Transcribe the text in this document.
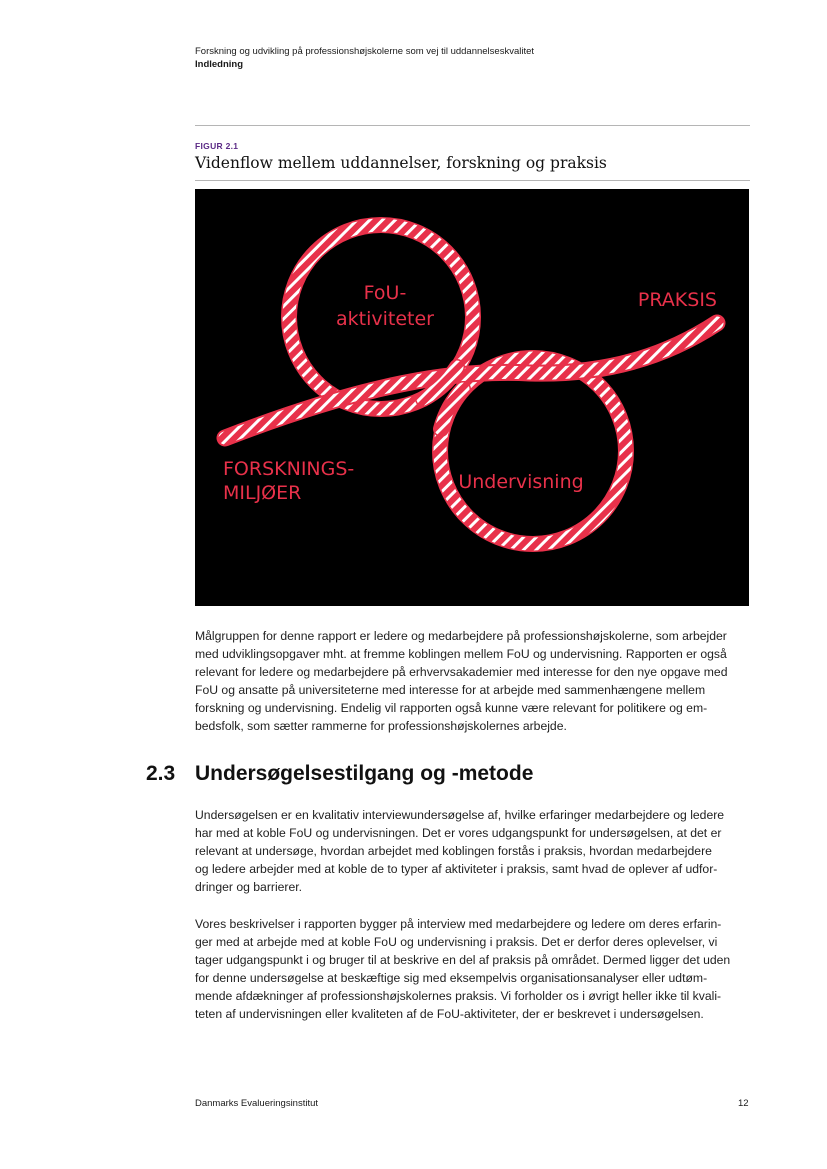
Forskning og udvikling på professionshøjskolerne som vej til uddannelseskvalitet
Indledning
FIGUR 2.1
Videnflow mellem uddannelser, forskning og praksis
FoU-
aktiviteter
PRAKSIS
FORSKNINGS-
MILJØER	Undervisning

Målgruppen for denne rapport er ledere og medarbejdere på professionshøjskolerne, som arbejder
med udviklingsopgaver mht. at fremme koblingen mellem FoU og undervisning. Rapporten er også
relevant for ledere og medarbejdere på erhvervsakademier med interesse for den nye opgave med
FoU og ansatte på universiteterne med interesse for at arbejde med sammenhængene mellem
forskning og undervisning. Endelig vil rapporten også kunne være relevant for politikere og em-
bedsfolk, som sætter rammerne for professionshøjskolernes arbejde.

2.3 Undersøgelsestilgang og -metode

Undersøgelsen er en kvalitativ interviewundersøgelse af, hvilke erfaringer medarbejdere og ledere
har med at koble FoU og undervisningen. Det er vores udgangspunkt for undersøgelsen, at det er
relevant at undersøge, hvordan arbejdet med koblingen forstås i praksis, hvordan medarbejdere
og ledere arbejder med at koble de to typer af aktiviteter i praksis, samt hvad de oplever af udfor-
dringer og barrierer.

Vores beskrivelser i rapporten bygger på interview med medarbejdere og ledere om deres erfarin-
ger med at arbejde med at koble FoU og undervisning i praksis. Det er derfor deres oplevelser, vi
tager udgangspunkt i og bruger til at beskrive en del af praksis på området. Dermed ligger det uden
for denne undersøgelse at beskæftige sig med eksempelvis organisationsanalyser eller udtøm-
mende afdækninger af professionshøjskolernes praksis. Vi forholder os i øvrigt heller ikke til kvali-
teten af undervisningen eller kvaliteten af de FoU-aktiviteter, der er beskrevet i undersøgelsen.

Danmarks Evalueringsinstitut	12
